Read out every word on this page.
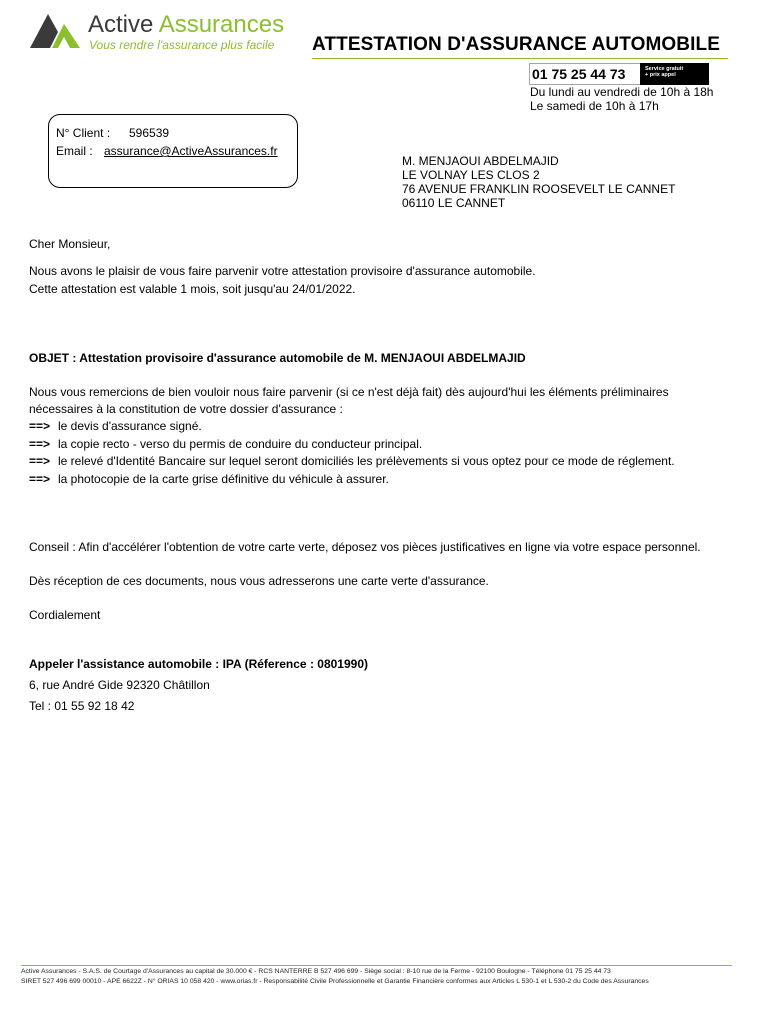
Active Assurances
Vous rendre l'assurance plus facile ATTESTATION D'ASSURANCE AUTOMOBILE
01 75 25 44 73	Service gratuit
+ prix appel
Du lundi au vendredi de 10h à 18h
Le samedi de 10h à 17h
N° Client : 596539
Email : assurance@ActiveAssurances.fr
M. MENJAOUI ABDELMAJID
LE VOLNAY LES CLOS 2
76 AVENUE FRANKLIN ROOSEVELT LE CANNET
06110 LE CANNET
Cher Monsieur,
Nous avons le plaisir de vous faire parvenir votre attestation provisoire d'assurance automobile.
Cette attestation est valable 1 mois, soit jusqu'au 24/01/2022.
OBJET : Attestation provisoire d'assurance automobile de M. MENJAOUI ABDELMAJID
Nous vous remercions de bien vouloir nous faire parvenir (si ce n'est déjà fait) dès aujourd'hui les éléments préliminaires
nécessaires à la constitution de votre dossier d'assurance :
==> le devis d'assurance signé.
==> la copie recto - verso du permis de conduire du conducteur principal.
==> le relevé d'Identité Bancaire sur lequel seront domiciliés les prélèvements si vous optez pour ce mode de réglement.
==> la photocopie de la carte grise définitive du véhicule à assurer.
Conseil : Afin d'accélérer l'obtention de votre carte verte, déposez vos pièces justificatives en ligne via votre espace personnel.
Dès réception de ces documents, nous vous adresserons une carte verte d'assurance.
Cordialement
Appeler l'assistance automobile : IPA (Réference : 0801990)
6, rue André Gide 92320 Châtillon
Tel : 01 55 92 18 42
Active Assurances - S.A.S. de Courtage d'Assurances au capital de 30.000 € - RCS NANTERRE B 527 496 699 - Siège social : 8-10 rue de la Ferme - 92100 Boulogne - Téléphone 01 75 25 44 73
SIRET 527 496 699 00010 - APE 6622Z - N° ORIAS 10 058 420 - www.orias.fr - Responsabilité Civile Professionnelle et Garantie Financière conformes aux Articles L 530-1 et L 530-2 du Code des Assurances
